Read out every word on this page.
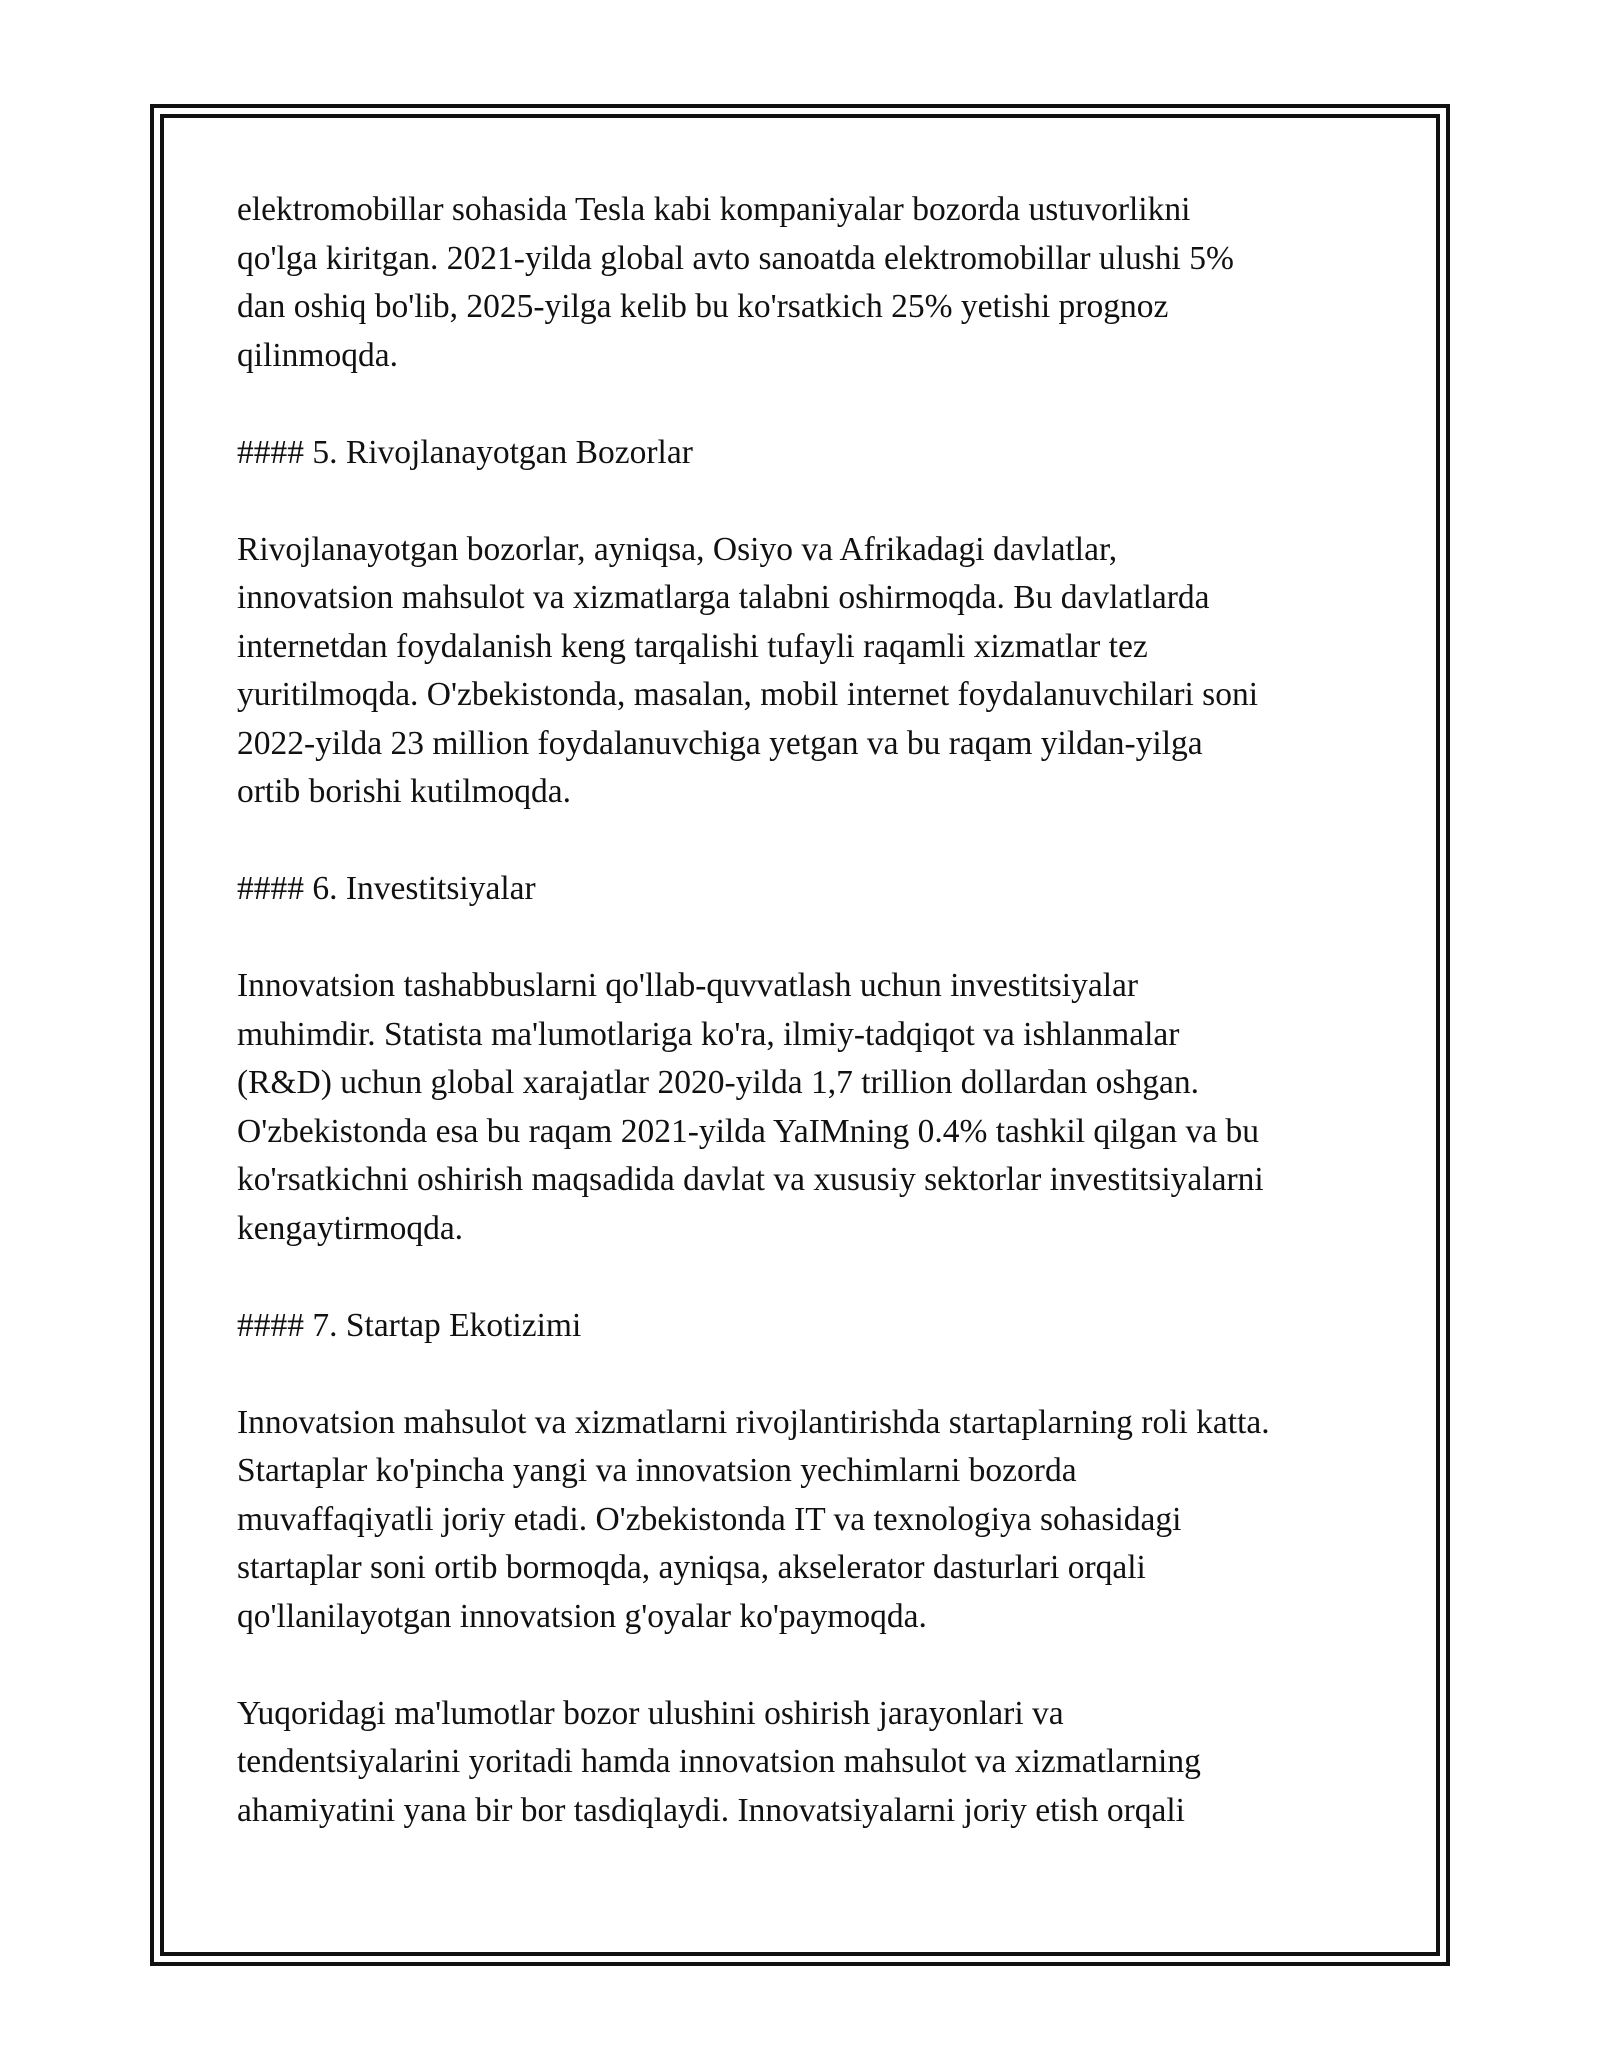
elektromobillar sohasida Tesla kabi kompaniyalar bozorda ustuvorlikni

qo'lga kiritgan. 2021-yilda global avto sanoatda elektromobillar ulushi 5%

dan oshiq bo'lib, 2025-yilga kelib bu ko'rsatkich 25% yetishi prognoz

qilinmoqda.

#### 5. Rivojlanayotgan Bozorlar

Rivojlanayotgan bozorlar, ayniqsa, Osiyo va Afrikadagi davlatlar,

innovatsion mahsulot va xizmatlarga talabni oshirmoqda. Bu davlatlarda

internetdan foydalanish keng tarqalishi tufayli raqamli xizmatlar tez

yuritilmoqda. O'zbekistonda, masalan, mobil internet foydalanuvchilari soni

2022-yilda 23 million foydalanuvchiga yetgan va bu raqam yildan-yilga

ortib borishi kutilmoqda.

#### 6. Investitsiyalar

Innovatsion tashabbuslarni qo'llab-quvvatlash uchun investitsiyalar

muhimdir. Statista ma'lumotlariga ko'ra, ilmiy-tadqiqot va ishlanmalar

(R&D) uchun global xarajatlar 2020-yilda 1,7 trillion dollardan oshgan.

O'zbekistonda esa bu raqam 2021-yilda YaIMning 0.4% tashkil qilgan va bu

ko'rsatkichni oshirish maqsadida davlat va xususiy sektorlar investitsiyalarni

kengaytirmoqda.

#### 7. Startap Ekotizimi

Innovatsion mahsulot va xizmatlarni rivojlantirishda startaplarning roli katta.

Startaplar ko'pincha yangi va innovatsion yechimlarni bozorda

muvaffaqiyatli joriy etadi. O'zbekistonda IT va texnologiya sohasidagi

startaplar soni ortib bormoqda, ayniqsa, akselerator dasturlari orqali

qo'llanilayotgan innovatsion g'oyalar ko'paymoqda.

Yuqoridagi ma'lumotlar bozor ulushini oshirish jarayonlari va

tendentsiyalarini yoritadi hamda innovatsion mahsulot va xizmatlarning

ahamiyatini yana bir bor tasdiqlaydi. Innovatsiyalarni joriy etish orqali
